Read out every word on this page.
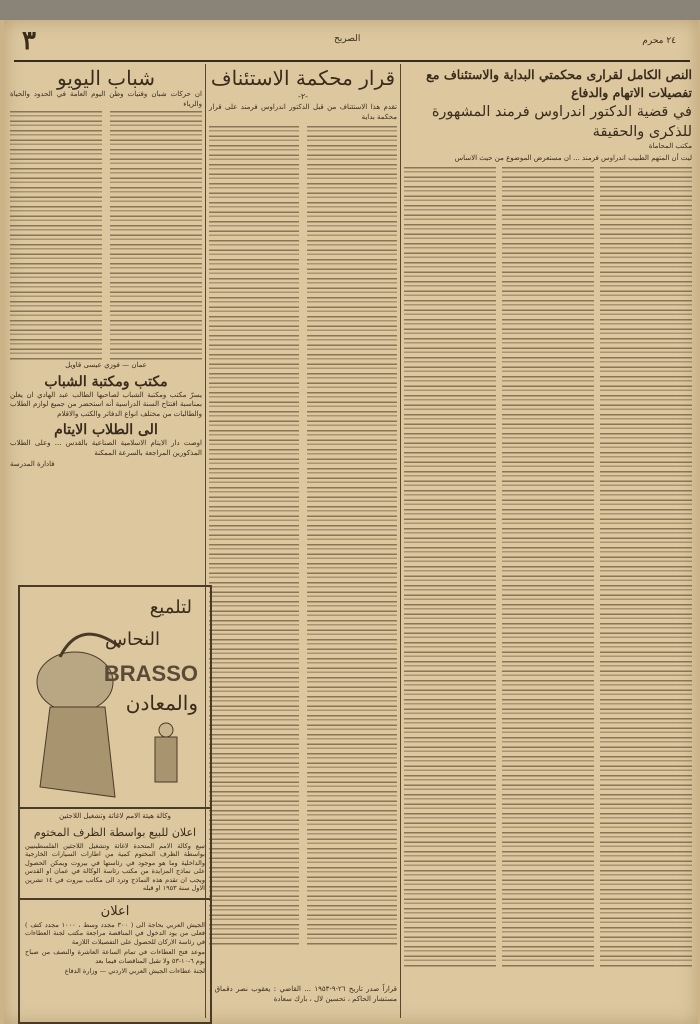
٣	الصريح	٢٤ محرم
النص الكامل لقرارى محكمتي البداية والاستئناف مع تفصيلات الاتهام والدفاع
في قضية الدكتور اندراوس فرمند المشهورة للذكرى والحقيقة
مكتب المحاماة
ليت أن المتهم الطبيب اندراوس فرمند ... ان مستعرض الموضوع من حيث الاساس
قرار محكمة الاستئناف
-٢-
تقدم هذا الاستئناف من قبل الدكتور اندراوس فرمند على قرار محكمة بداية
قراراً صدر تاريخ ٢٦-٩-١٩٥٣ ... القاضي : يعقوب نصر دقماق ، مستشار الحاكم ، تحسين لال ، بارك سعادة
شباب اليويو
ان حركات شبان وفتيات وطن اليوم العامة في الحدود والحياة والرياء
عمان — فوزي عيسى قاويل
مكتب ومكتبة الشباب
يسرّ مكتب ومكتبة الشباب لصاحبها الطالب عبد الهادي ان يعلن بمناسبة افتتاح السنة الدراسية أنه استحضر من جميع لوازم الطلاب والطالبات من مختلف انواع الدفاتر والكتب والاقلام
الى الطلاب الايتام
اوصت دار الايتام الاسلامية الصناعية بالقدس ... وعلى الطلاب المذكورين المراجعة بالسرعة الممكنة
فادارة المدرسة
لتلميع
النحاس
BRASSO
والمعادن
وكالة هيئة الامم لاغاثة وتشغيل اللاجئين
اعلان للبيع بواسطة الظرف المختوم
تبيع وكالة الامم المتحدة لاغاثة وتشغيل اللاجئين الفلسطينيين بواسطة الظرف المختوم كمية من اطارات السيارات الخارجية والداخلية وما هو موجود في رئاستها في بيروت ويمكن الحصول على نماذج المزايدة من مكتب رئاسة الوكالة في عمان او القدس ويجب ان تقدم هذه النماذج وترد الى مكاتب بيروت في ١٤ تشرين الاول سنة ١٩٥٣ او قبله
اعلان
الجيش العربي بحاجة الى ( ٣٠٠ مجدد وسط ، ١٠٠٠ مجدد كتف ) فعلى من يود الدخول في المناقصة مراجعة مكتب لجنة العطاءات في رئاسة الاركان للحصول على التفصيلات اللازمة
موعد فتح العطاءات في تمام الساعة العاشرة والنصف من صباح يوم ٦-١٠-٥٣ ولا تقبل المناقصات فيما بعد
لجنة عطاءات الجيش العربي الاردني — وزارة الدفاع
